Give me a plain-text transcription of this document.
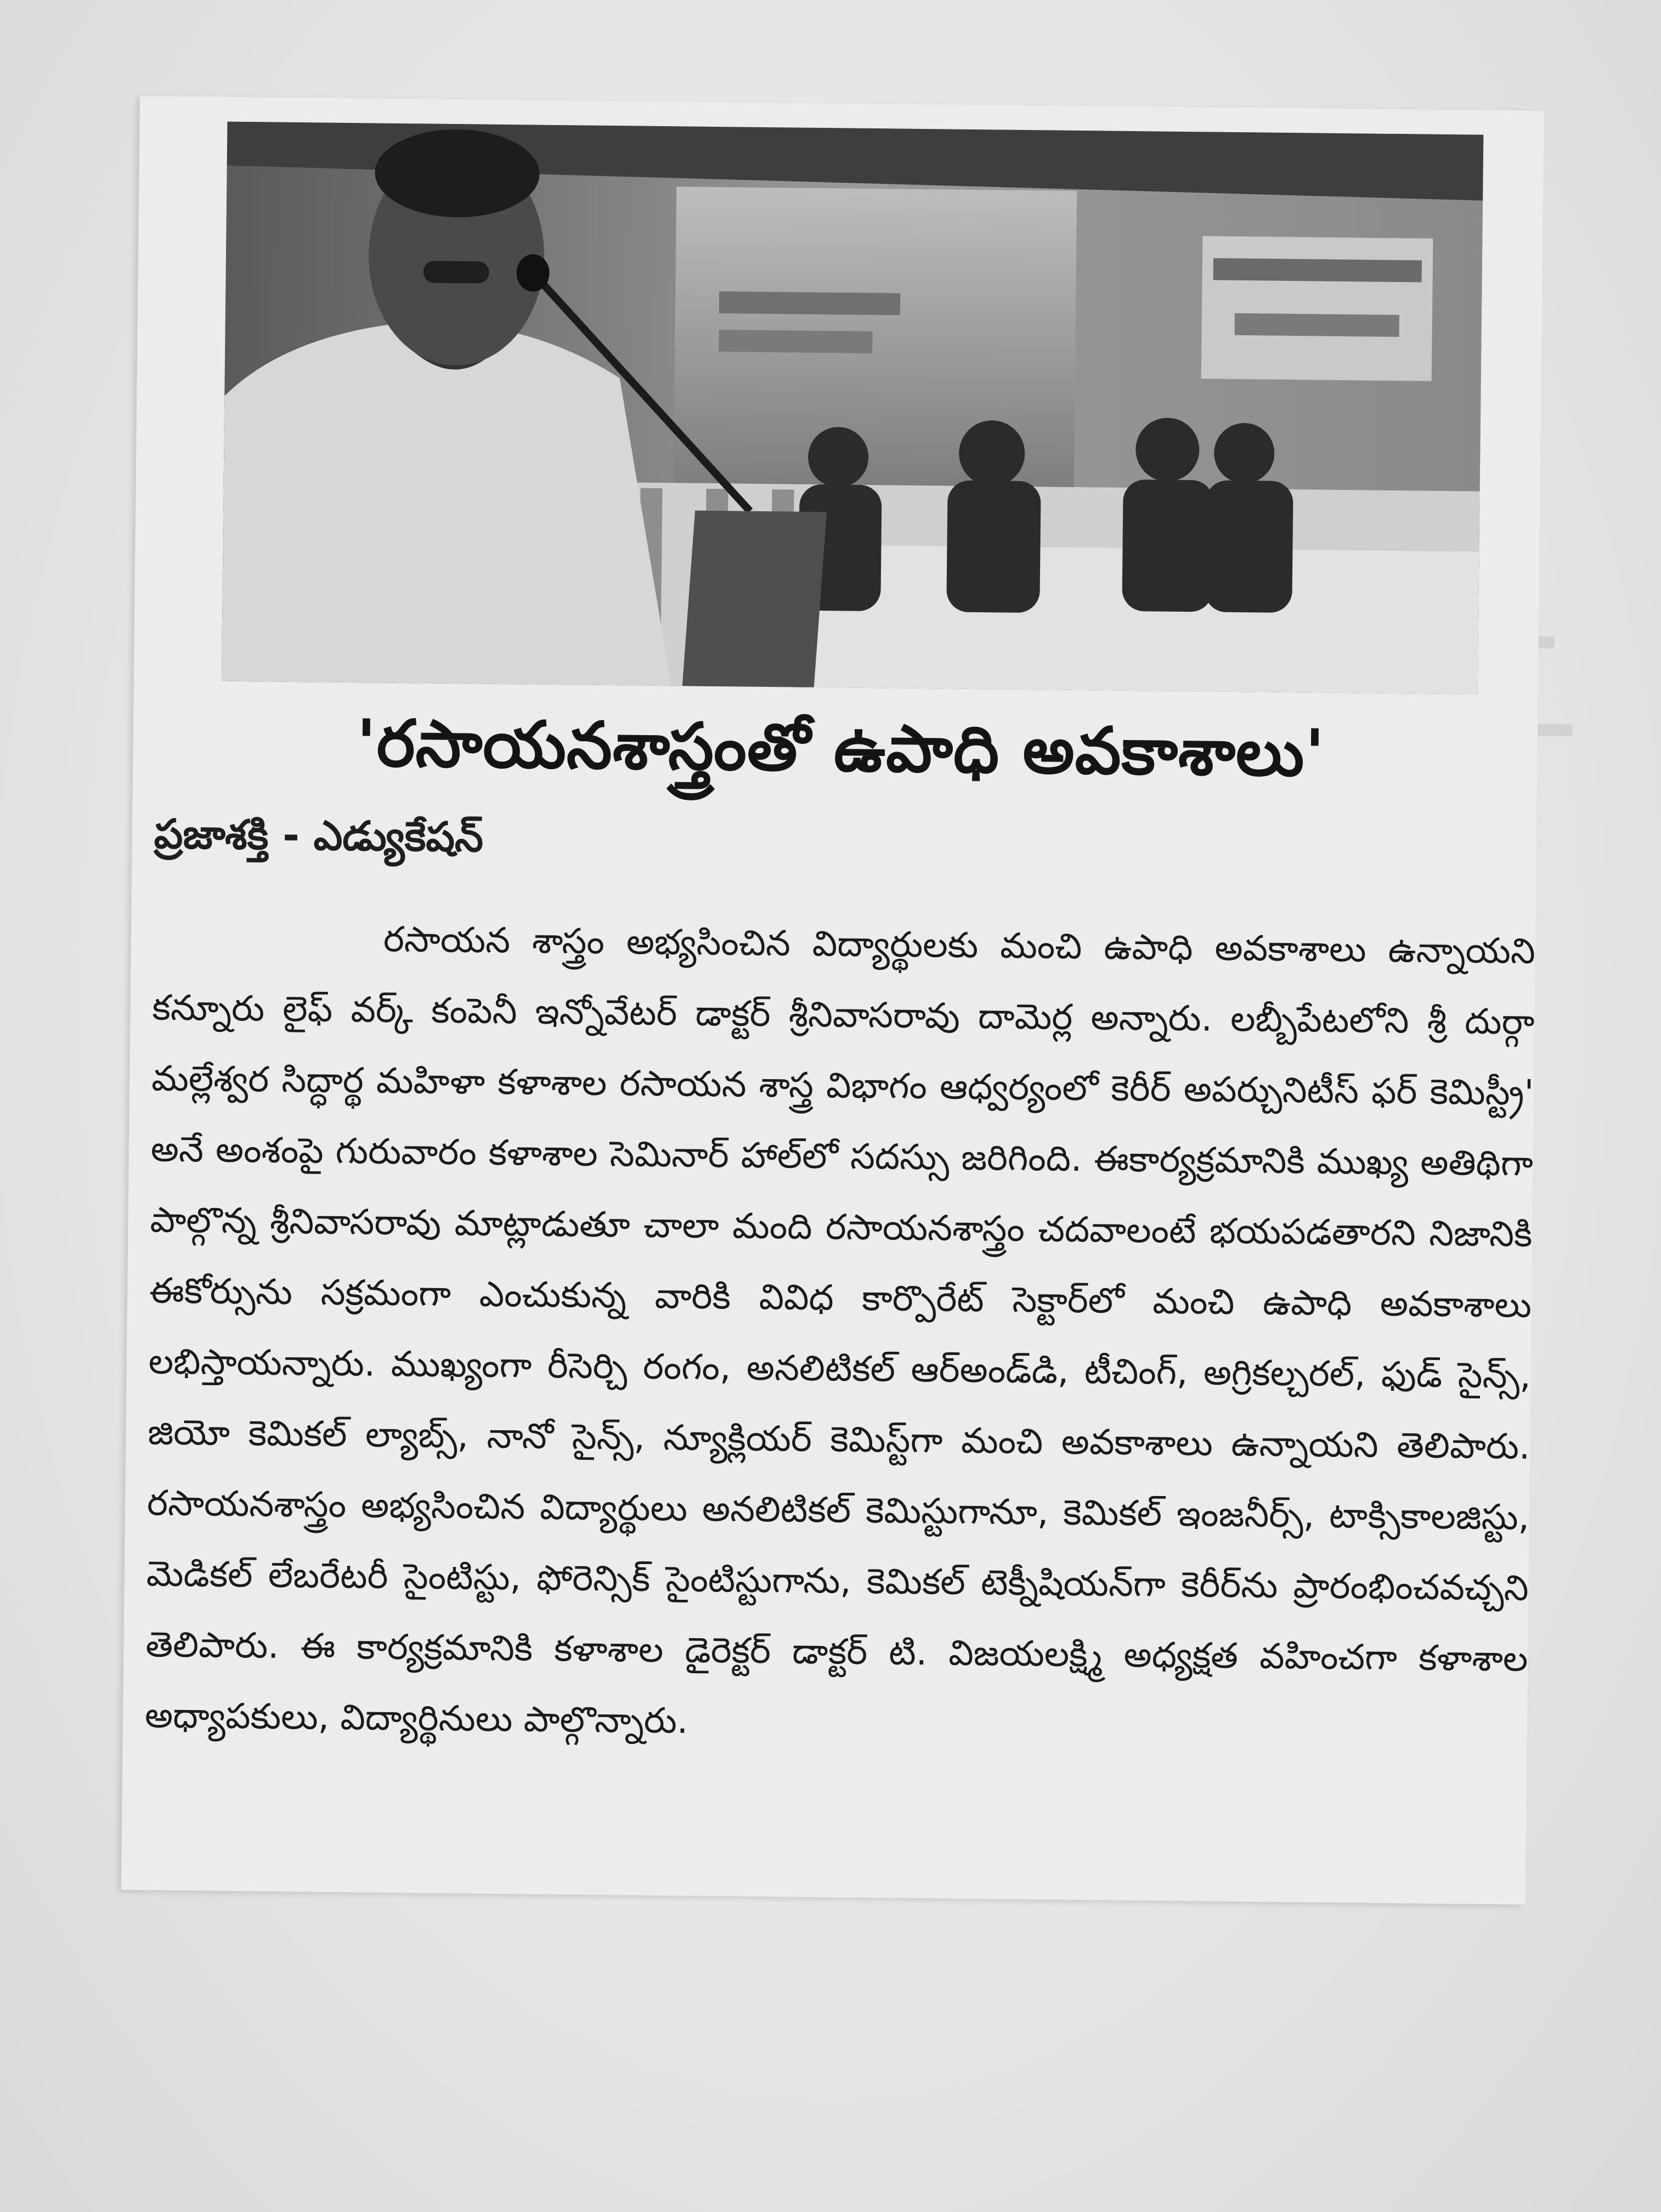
'రసాయనశాస్త్రంతో ఉపాధి అవకాశాలు'
ప్రజాశక్తి - ఎడ్యుకేషన్

రసాయన శాస్త్రం అభ్యసించిన విద్యార్థులకు మంచి ఉపాధి అవకాశాలు ఉన్నాయని కన్నూరు లైఫ్ వర్క్ కంపెనీ ఇన్నోవేటర్ డాక్టర్ శ్రీనివాసరావు దామెర్ల అన్నారు. లబ్బీపేటలోని శ్రీ దుర్గా మల్లేశ్వర సిద్ధార్థ మహిళా కళాశాల రసాయన శాస్త్ర విభాగం ఆధ్వర్యంలో కెరీర్ అపర్చునిటీస్ ఫర్ కెమిస్ట్రీ' అనే అంశంపై గురువారం కళాశాల సెమినార్ హాల్‌లో సదస్సు జరిగింది. ఈకార్యక్రమానికి ముఖ్య అతిథిగా పాల్గొన్న శ్రీనివాసరావు మాట్లాడుతూ చాలా మంది రసాయనశాస్త్రం చదవాలంటే భయపడతారని నిజానికి ఈకోర్సును సక్రమంగా ఎంచుకున్న వారికి వివిధ కార్పొరేట్ సెక్టార్‌లో మంచి ఉపాధి అవకాశాలు లభిస్తాయన్నారు. ముఖ్యంగా రీసెర్చి రంగం, అనలిటికల్ ఆర్అండ్‌డి, టీచింగ్, అగ్రికల్చరల్, ఫుడ్ సైన్స్, జియో కెమికల్ ల్యాబ్స్, నానో సైన్స్, న్యూక్లియర్ కెమిస్ట్‌గా మంచి అవకాశాలు ఉన్నాయని తెలిపారు. రసాయనశాస్త్రం అభ్యసించిన విద్యార్థులు అనలిటికల్ కెమిస్టుగానూ, కెమికల్ ఇంజనీర్స్, టాక్సికాలజిస్టు, మెడికల్ లేబరేటరీ సైంటిస్టు, ఫోరెన్సిక్ సైంటిస్టుగాను, కెమికల్ టెక్నీషియన్‌గా కెరీర్‌ను ప్రారంభించవచ్చని తెలిపారు. ఈ కార్యక్రమానికి కళాశాల డైరెక్టర్ డాక్టర్ టి. విజయలక్ష్మి అధ్యక్షత వహించగా కళాశాల అధ్యాపకులు, విద్యార్థినులు పాల్గొన్నారు.
